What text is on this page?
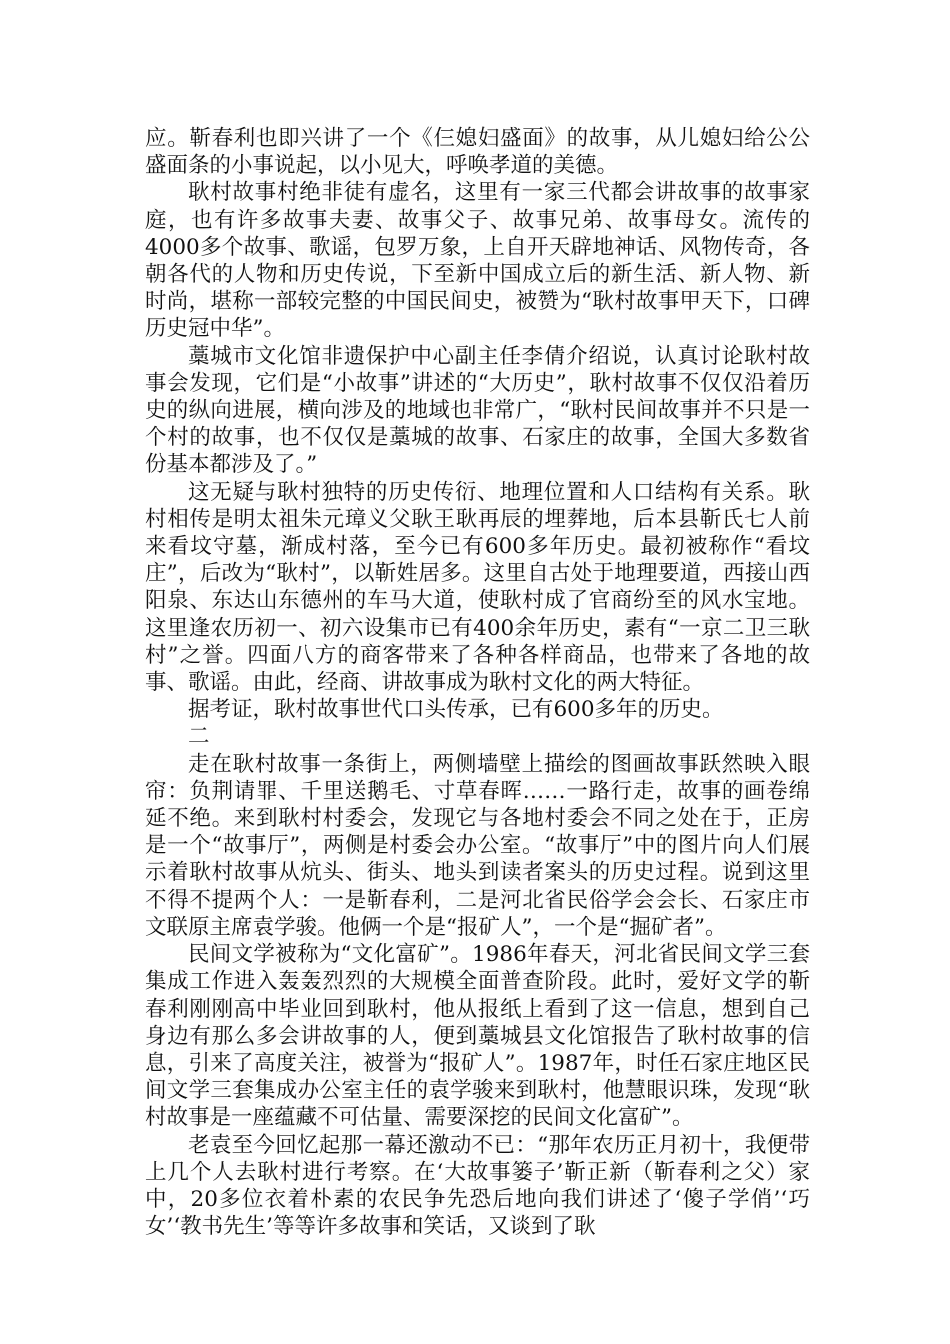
应。靳春利也即兴讲了一个《仨媳妇盛面》的故事，从儿媳妇给公公盛面条的小事说起，以小见大，呼唤孝道的美德。

耿村故事村绝非徒有虚名，这里有一家三代都会讲故事的故事家庭，也有许多故事夫妻、故事父子、故事兄弟、故事母女。流传的4000多个故事、歌谣，包罗万象，上自开天辟地神话、风物传奇，各朝各代的人物和历史传说，下至新中国成立后的新生活、新人物、新时尚，堪称一部较完整的中国民间史，被赞为“耿村故事甲天下，口碑历史冠中华”。

藁城市文化馆非遗保护中心副主任李倩介绍说，认真讨论耿村故事会发现，它们是“小故事”讲述的“大历史”，耿村故事不仅仅沿着历史的纵向进展，横向涉及的地域也非常广，“耿村民间故事并不只是一个村的故事，也不仅仅是藁城的故事、石家庄的故事，全国大多数省份基本都涉及了。”

这无疑与耿村独特的历史传衍、地理位置和人口结构有关系。耿村相传是明太祖朱元璋义父耿王耿再辰的埋葬地，后本县靳氏七人前来看坟守墓，渐成村落，至今已有600多年历史。最初被称作“看坟庄”，后改为“耿村”，以靳姓居多。这里自古处于地理要道，西接山西阳泉、东达山东德州的车马大道，使耿村成了官商纷至的风水宝地。这里逢农历初一、初六设集市已有400余年历史，素有“一京二卫三耿村”之誉。四面八方的商客带来了各种各样商品，也带来了各地的故事、歌谣。由此，经商、讲故事成为耿村文化的两大特征。

据考证，耿村故事世代口头传承，已有600多年的历史。

二

走在耿村故事一条街上，两侧墙壁上描绘的图画故事跃然映入眼帘：负荆请罪、千里送鹅毛、寸草春晖……一路行走，故事的画卷绵延不绝。来到耿村村委会，发现它与各地村委会不同之处在于，正房是一个“故事厅”，两侧是村委会办公室。“故事厅”中的图片向人们展示着耿村故事从炕头、街头、地头到读者案头的历史过程。说到这里不得不提两个人：一是靳春利，二是河北省民俗学会会长、石家庄市文联原主席袁学骏。他俩一个是“报矿人”，一个是“掘矿者”。

民间文学被称为“文化富矿”。1986年春天，河北省民间文学三套集成工作进入轰轰烈烈的大规模全面普查阶段。此时，爱好文学的靳春利刚刚高中毕业回到耿村，他从报纸上看到了这一信息，想到自己身边有那么多会讲故事的人，便到藁城县文化馆报告了耿村故事的信息，引来了高度关注，被誉为“报矿人”。1987年，时任石家庄地区民间文学三套集成办公室主任的袁学骏来到耿村，他慧眼识珠，发现“耿村故事是一座蕴藏不可估量、需要深挖的民间文化富矿”。

老袁至今回忆起那一幕还激动不已：“那年农历正月初十，我便带上几个人去耿村进行考察。在‘大故事篓子’靳正新（靳春利之父）家中，20多位衣着朴素的农民争先恐后地向我们讲述了‘傻子学俏’‘巧女’‘教书先生’等等许多故事和笑话，又谈到了耿
